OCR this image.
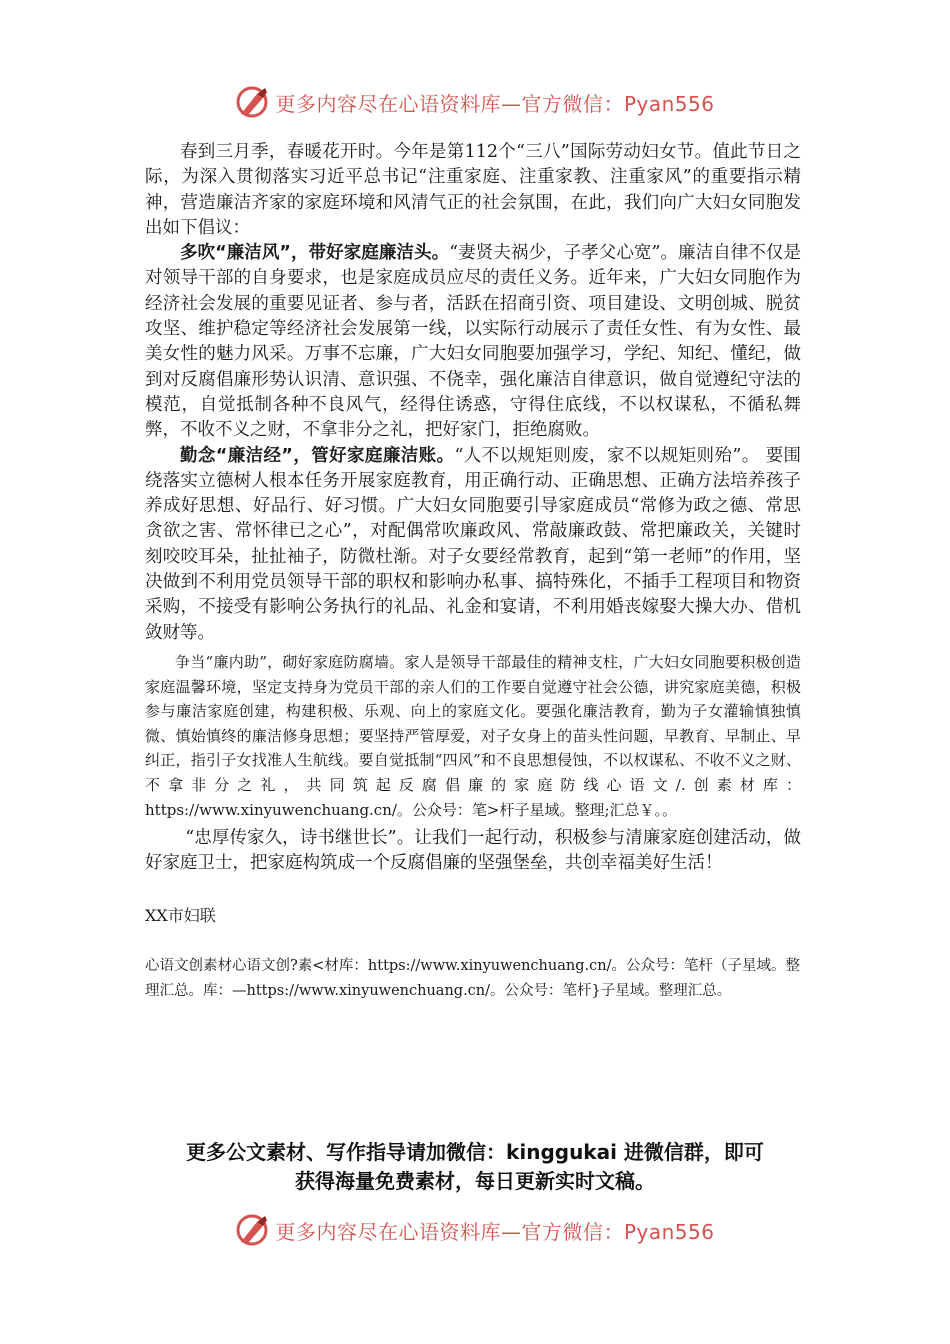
更多内容尽在心语资料库—官方微信：Pyan556

春到三月季，春暖花开时。今年是第112个“三八”国际劳动妇女节。值此节日之际，为深入贯彻落实习近平总书记“注重家庭、注重家教、注重家风”的重要指示精神，营造廉洁齐家的家庭环境和风清气正的社会氛围，在此，我们向广大妇女同胞发出如下倡议：

多吹“廉洁风”，带好家庭廉洁头。“妻贤夫祸少，子孝父心宽”。廉洁自律不仅是对领导干部的自身要求，也是家庭成员应尽的责任义务。近年来，广大妇女同胞作为经济社会发展的重要见证者、参与者，活跃在招商引资、项目建设、文明创城、脱贫攻坚、维护稳定等经济社会发展第一线，以实际行动展示了责任女性、有为女性、最美女性的魅力风采。万事不忘廉，广大妇女同胞要加强学习，学纪、知纪、懂纪，做到对反腐倡廉形势认识清、意识强、不侥幸，强化廉洁自律意识，做自觉遵纪守法的模范，自觉抵制各种不良风气，经得住诱惑，守得住底线，不以权谋私，不循私舞弊，不收不义之财，不拿非分之礼，把好家门，拒绝腐败。

勤念“廉洁经”，管好家庭廉洁账。“人不以规矩则废，家不以规矩则殆”。 要围绕落实立德树人根本任务开展家庭教育，用正确行动、正确思想、正确方法培养孩子养成好思想、好品行、好习惯。广大妇女同胞要引导家庭成员“常修为政之德、常思贪欲之害、常怀律已之心”，对配偶常吹廉政风、常敲廉政鼓、常把廉政关，关键时刻咬咬耳朵，扯扯袖子，防微杜渐。对子女要经常教育，起到“第一老师”的作用，坚决做到不利用党员领导干部的职权和影响办私事、搞特殊化，不插手工程项目和物资采购，不接受有影响公务执行的礼品、礼金和宴请，不利用婚丧嫁娶大操大办、借机敛财等。

争当“廉内助”，砌好家庭防腐墙。家人是领导干部最佳的精神支柱，广大妇女同胞要积极创造家庭温馨环境，坚定支持身为党员干部的亲人们的工作要自觉遵守社会公德，讲究家庭美德，积极参与廉洁家庭创建，构建积极、乐观、向上的家庭文化。要强化廉洁教育，勤为子女灌输慎独慎微、慎始慎终的廉洁修身思想；要坚持严管厚爱，对子女身上的苗头性问题，早教育、早制止、早纠正，指引子女找准人生航线。要自觉抵制“四风”和不良思想侵蚀，不以权谋私、不收不义之财、不拿非分之礼，共同筑起反腐倡廉的家庭防线心语文/.创素材库：https://www.xinyuwenchuang.cn/。公众号：笔>杆子星域。整理;汇总￥。。

“忠厚传家久，诗书继世长”。让我们一起行动，积极参与清廉家庭创建活动，做好家庭卫士，把家庭构筑成一个反腐倡廉的坚强堡垒，共创幸福美好生活！

XX市妇联

心语文创素材心语文创?素<材库：https://www.xinyuwenchuang.cn/。公众号：笔杆（子星域。整理汇总。库：—https://www.xinyuwenchuang.cn/。公众号：笔杆}子星域。整理汇总。

更多公文素材、写作指导请加微信：kinggukai 进微信群，即可
获得海量免费素材，每日更新实时文稿。
更多内容尽在心语资料库—官方微信：Pyan556
